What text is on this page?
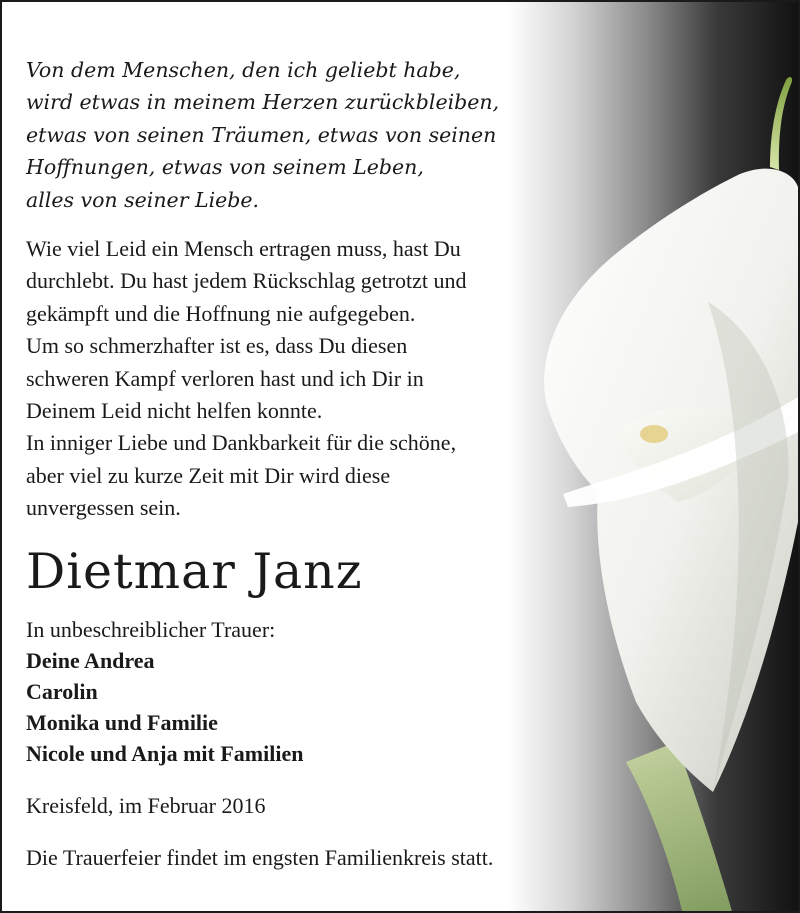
Von dem Menschen, den ich geliebt habe,
wird etwas in meinem Herzen zurückbleiben,
etwas von seinen Träumen, etwas von seinen
Hoffnungen, etwas von seinem Leben,
alles von seiner Liebe.
Wie viel Leid ein Mensch ertragen muss, hast Du
durchlebt. Du hast jedem Rückschlag getrotzt und
gekämpft und die Hoffnung nie aufgegeben.
Um so schmerzhafter ist es, dass Du diesen
schweren Kampf verloren hast und ich Dir in
Deinem Leid nicht helfen konnte.
In inniger Liebe und Dankbarkeit für die schöne,
aber viel zu kurze Zeit mit Dir wird diese
unvergessen sein.
Dietmar Janz
In unbeschreiblicher Trauer:
Deine Andrea
Carolin
Monika und Familie
Nicole und Anja mit Familien
Kreisfeld, im Februar 2016
Die Trauerfeier findet im engsten Familienkreis statt.
